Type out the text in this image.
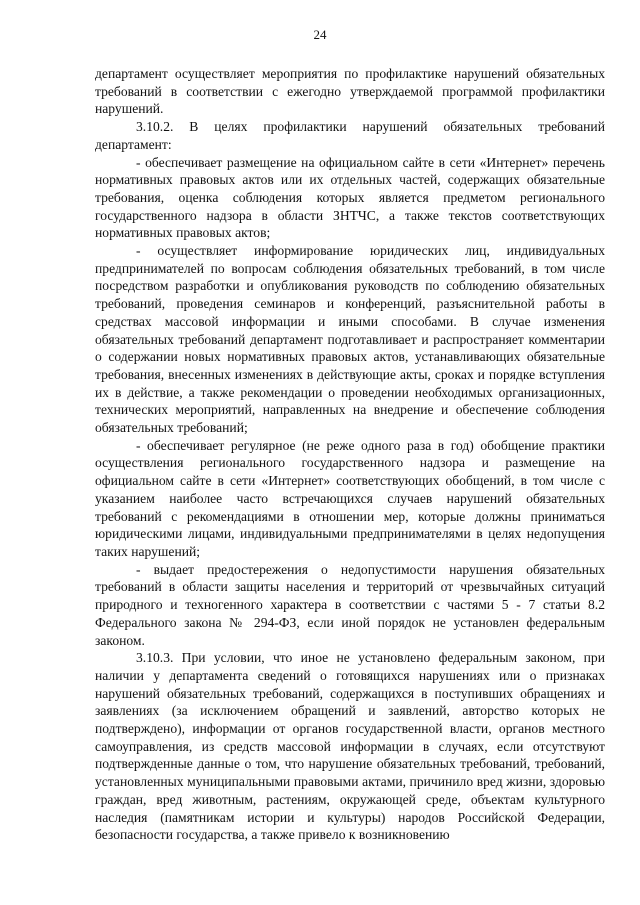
24

департамент осуществляет мероприятия по профилактике нарушений обязательных требований в соответствии с ежегодно утверждаемой программой профилактики нарушений.

3.10.2. В целях профилактики нарушений обязательных требований департамент:

- обеспечивает размещение на официальном сайте в сети «Интернет» перечень нормативных правовых актов или их отдельных частей, содержащих обязательные требования, оценка соблюдения которых является предметом регионального государственного надзора в области ЗНТЧС, а также текстов соответствующих нормативных правовых актов;

- осуществляет информирование юридических лиц, индивидуальных предпринимателей по вопросам соблюдения обязательных требований, в том числе посредством разработки и опубликования руководств по соблюдению обязательных требований, проведения семинаров и конференций, разъяснительной работы в средствах массовой информации и иными способами. В случае изменения обязательных требований департамент подготавливает и распространяет комментарии о содержании новых нормативных правовых актов, устанавливающих обязательные требования, внесенных изменениях в действующие акты, сроках и порядке вступления их в действие, а также рекомендации о проведении необходимых организационных, технических мероприятий, направленных на внедрение и обеспечение соблюдения обязательных требований;

- обеспечивает регулярное (не реже одного раза в год) обобщение практики осуществления регионального государственного надзора и размещение на официальном сайте в сети «Интернет» соответствующих обобщений, в том числе с указанием наиболее часто встречающихся случаев нарушений обязательных требований с рекомендациями в отношении мер, которые должны приниматься юридическими лицами, индивидуальными предпринимателями в целях недопущения таких нарушений;

- выдает предостережения о недопустимости нарушения обязательных требований в области защиты населения и территорий от чрезвычайных ситуаций природного и техногенного характера в соответствии с частями 5 - 7 статьи 8.2 Федерального закона № 294-ФЗ, если иной порядок не установлен федеральным законом.

3.10.3. При условии, что иное не установлено федеральным законом, при наличии у департамента сведений о готовящихся нарушениях или о признаках нарушений обязательных требований, содержащихся в поступивших обращениях и заявлениях (за исключением обращений и заявлений, авторство которых не подтверждено), информации от органов государственной власти, органов местного самоуправления, из средств массовой информации в случаях, если отсутствуют подтвержденные данные о том, что нарушение обязательных требований, требований, установленных муниципальными правовыми актами, причинило вред жизни, здоровью граждан, вред животным, растениям, окружающей среде, объектам культурного наследия (памятникам истории и культуры) народов Российской Федерации, безопасности государства, а также привело к возникновению
